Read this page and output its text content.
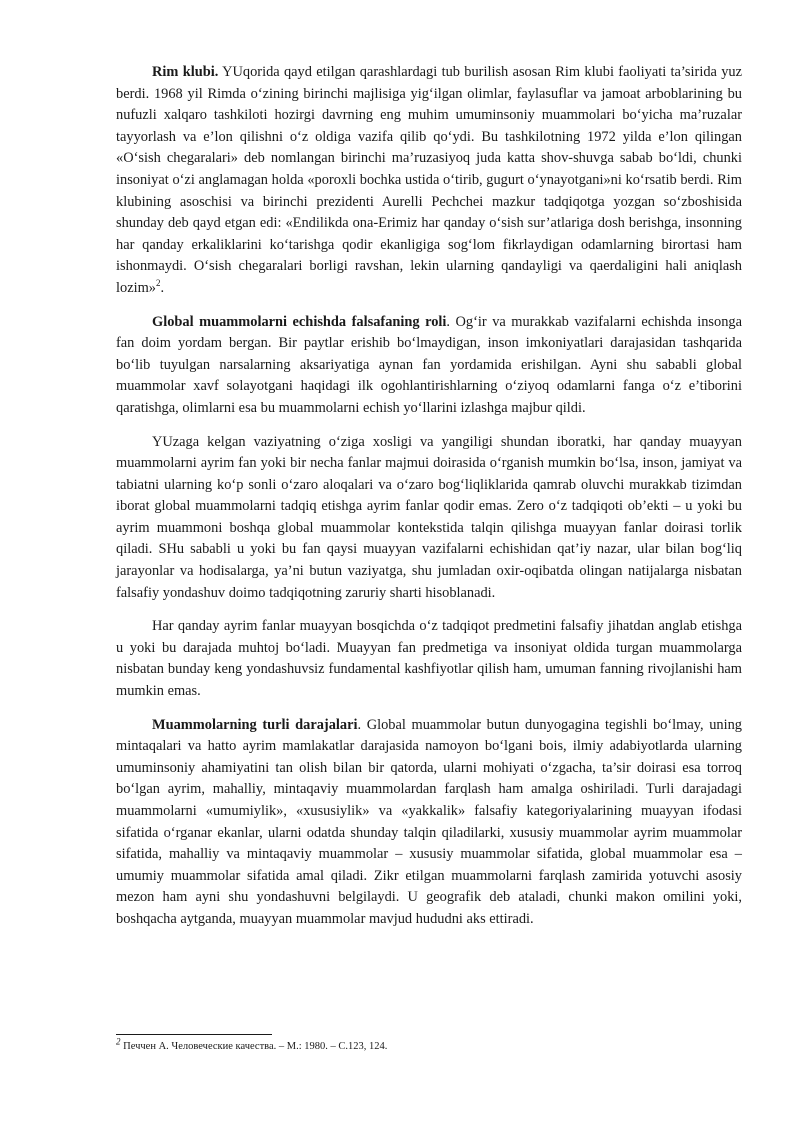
Rim klubi. YUqorida qayd etilgan qarashlardagi tub burilish asosan Rim klubi faoliyati ta’sirida yuz berdi. 1968 yil Rimda o‘zining birinchi majlisiga yig‘ilgan olimlar, faylasuflar va jamoat arboblarining bu nufuzli xalqaro tashkiloti hozirgi davrning eng muhim umuminsoniy muammolari bo‘yicha ma’ruzalar tayyorlash va e’lon qilishni o‘z oldiga vazifa qilib qo‘ydi. Bu tashkilotning 1972 yilda e’lon qilingan «O‘sish chegaralari» deb nomlangan birinchi ma’ruzasiyoq juda katta shov-shuvga sabab bo‘ldi, chunki insoniyat o‘zi anglamagan holda «poroxli bochka ustida o‘tirib, gugurt o‘ynayotgani»ni ko‘rsatib berdi. Rim klubining asoschisi va birinchi prezidenti Aurelli Pechchei mazkur tadqiqotga yozgan so‘zboshisida shunday deb qayd etgan edi: «Endilikda ona-Erimiz har qanday o‘sish sur’atlariga dosh berishga, insonning har qanday erkaliklarini ko‘tarishga qodir ekanligiga sog‘lom fikrlaydigan odamlarning birortasi ham ishonmaydi. O‘sish chegaralari borligi ravshan, lekin ularning qandayligi va qaerdaligini hali aniqlash lozim»$^2$.

Global muammolarni echishda falsafaning roli. Og‘ir va murakkab vazifalarni echishda insonga fan doim yordam bergan. Bir paytlar erishib bo‘lmaydigan, inson imkoniyatlari darajasidan tashqarida bo‘lib tuyulgan narsalarning aksariyatiga aynan fan yordamida erishilgan. Ayni shu sababli global muammolar xavf solayotgani haqidagi ilk ogohlantirishlarning o‘ziyoq odamlarni fanga o‘z e’tiborini qaratishga, olimlarni esa bu muammolarni echish yo‘llarini izlashga majbur qildi.

YUzaga kelgan vaziyatning o‘ziga xosligi va yangiligi shundan iboratki, har qanday muayyan muammolarni ayrim fan yoki bir necha fanlar majmui doirasida o‘rganish mumkin bo‘lsa, inson, jamiyat va tabiatni ularning ko‘p sonli o‘zaro aloqalari va o‘zaro bog‘liqliklarida qamrab oluvchi murakkab tizimdan iborat global muammolarni tadqiq etishga ayrim fanlar qodir emas. Zero o‘z tadqiqoti ob’ekti – u yoki bu ayrim muammoni boshqa global muammolar kontekstida talqin qilishga muayyan fanlar doirasi torlik qiladi. SHu sababli u yoki bu fan qaysi muayyan vazifalarni echishidan qat’iy nazar, ular bilan bog‘liq jarayonlar va hodisalarga, ya’ni butun vaziyatga, shu jumladan oxir-oqibatda olingan natijalarga nisbatan falsafiy yondashuv doimo tadqiqotning zaruriy sharti hisoblanadi.

Har qanday ayrim fanlar muayyan bosqichda o‘z tadqiqot predmetini falsafiy jihatdan anglab etishga u yoki bu darajada muhtoj bo‘ladi. Muayyan fan predmetiga va insoniyat oldida turgan muammolarga nisbatan bunday keng yondashuvsiz fundamental kashfiyotlar qilish ham, umuman fanning rivojlanishi ham mumkin emas.

Muammolarning turli darajalari. Global muammolar butun dunyogagina tegishli bo‘lmay, uning mintaqalari va hatto ayrim mamlakatlar darajasida namoyon bo‘lgani bois, ilmiy adabiyotlarda ularning umuminsoniy ahamiyatini tan olish bilan bir qatorda, ularni mohiyati o‘zgacha, ta’sir doirasi esa torroq bo‘lgan ayrim, mahalliy, mintaqaviy muammolardan farqlash ham amalga oshiriladi. Turli darajadagi muammolarni «umumiylik», «xususiylik» va «yakkalik» falsafiy kategoriyalarining muayyan ifodasi sifatida o‘rganar ekanlar, ularni odatda shunday talqin qiladilarki, xususiy muammolar ayrim muammolar sifatida, mahalliy va mintaqaviy muammolar – xususiy muammolar sifatida, global muammolar esa – umumiy muammolar sifatida amal qiladi. Zikr etilgan muammolarni farqlash zamirida yotuvchi asosiy mezon ham ayni shu yondashuvni belgilaydi. U geografik deb ataladi, chunki makon omilini yoki, boshqacha aytganda, muayyan muammolar mavjud hududni aks ettiradi.

$^2$ Печчен А. Человеческие качества. – М.: 1980. – С.123, 124.
